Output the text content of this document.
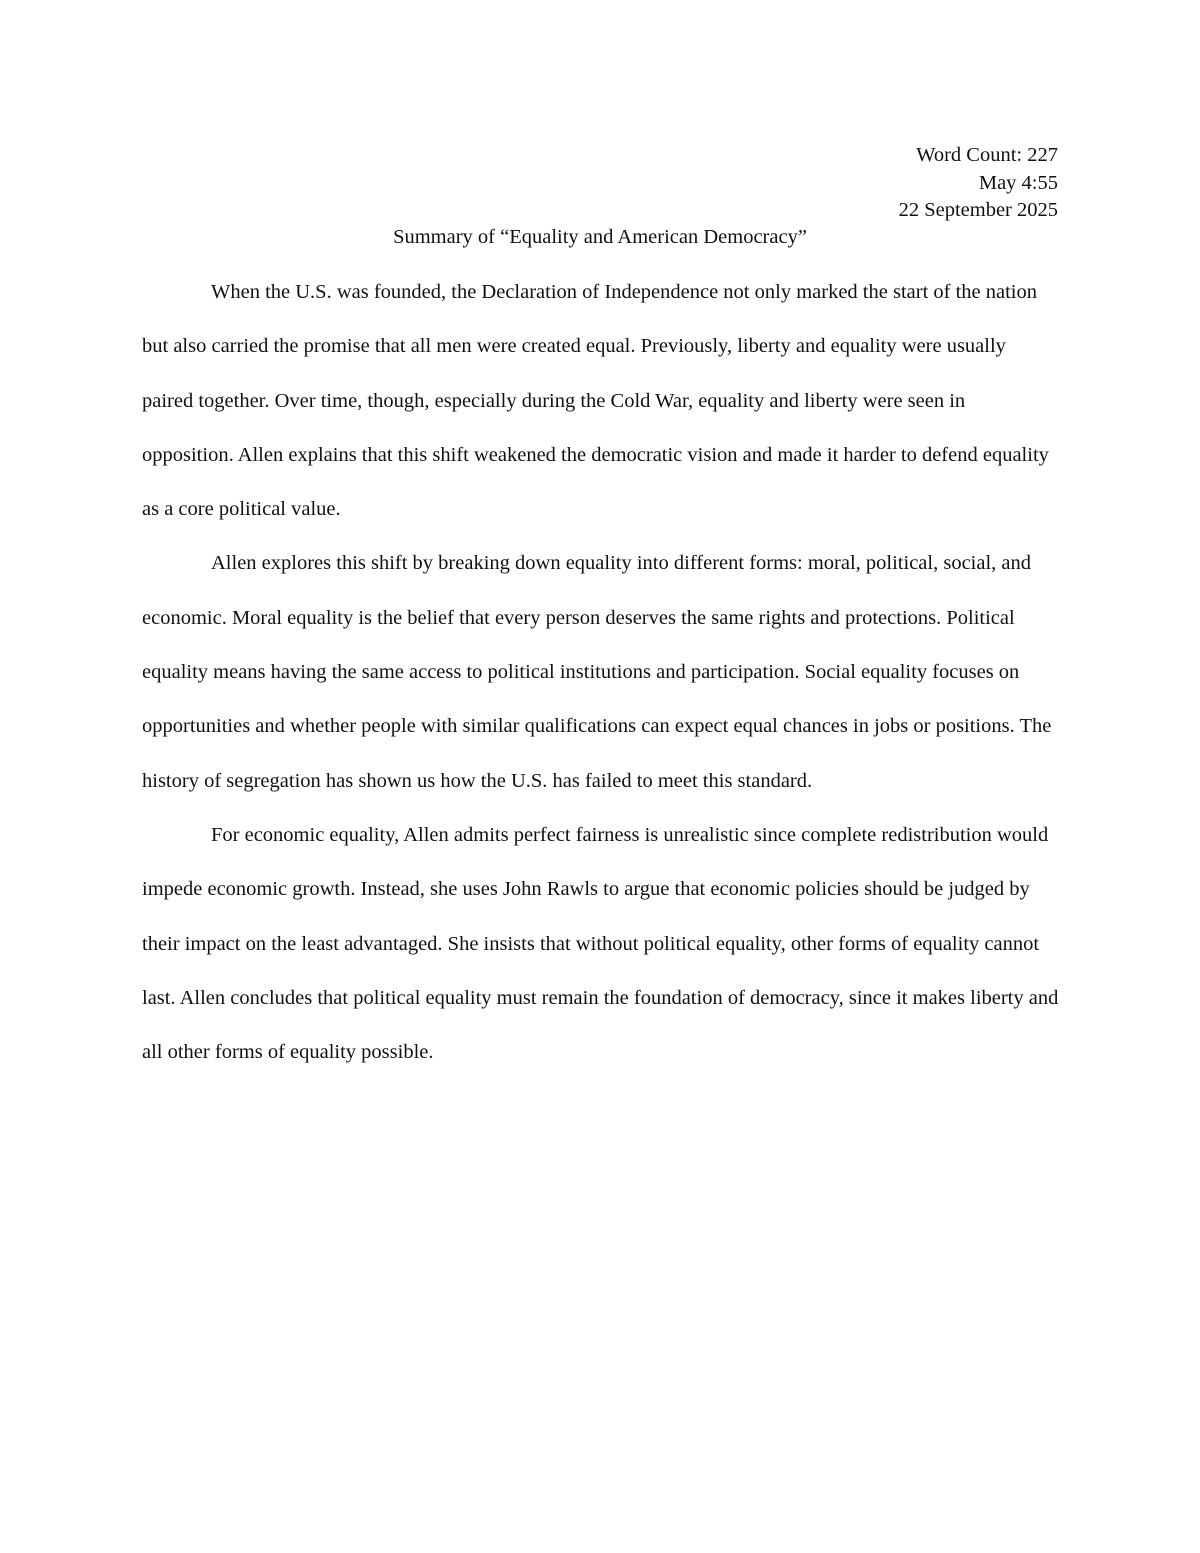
Word Count: 227
May 4:55
22 September 2025
Summary of “Equality and American Democracy”

When the U.S. was founded, the Declaration of Independence not only marked the start of the nation but also carried the promise that all men were created equal. Previously, liberty and equality were usually paired together. Over time, though, especially during the Cold War, equality and liberty were seen in opposition. Allen explains that this shift weakened the democratic vision and made it harder to defend equality as a core political value.

Allen explores this shift by breaking down equality into different forms: moral, political, social, and economic. Moral equality is the belief that every person deserves the same rights and protections. Political equality means having the same access to political institutions and participation. Social equality focuses on opportunities and whether people with similar qualifications can expect equal chances in jobs or positions. The history of segregation has shown us how the U.S. has failed to meet this standard.

For economic equality, Allen admits perfect fairness is unrealistic since complete redistribution would impede economic growth. Instead, she uses John Rawls to argue that economic policies should be judged by their impact on the least advantaged. She insists that without political equality, other forms of equality cannot last. Allen concludes that political equality must remain the foundation of democracy, since it makes liberty and all other forms of equality possible.
